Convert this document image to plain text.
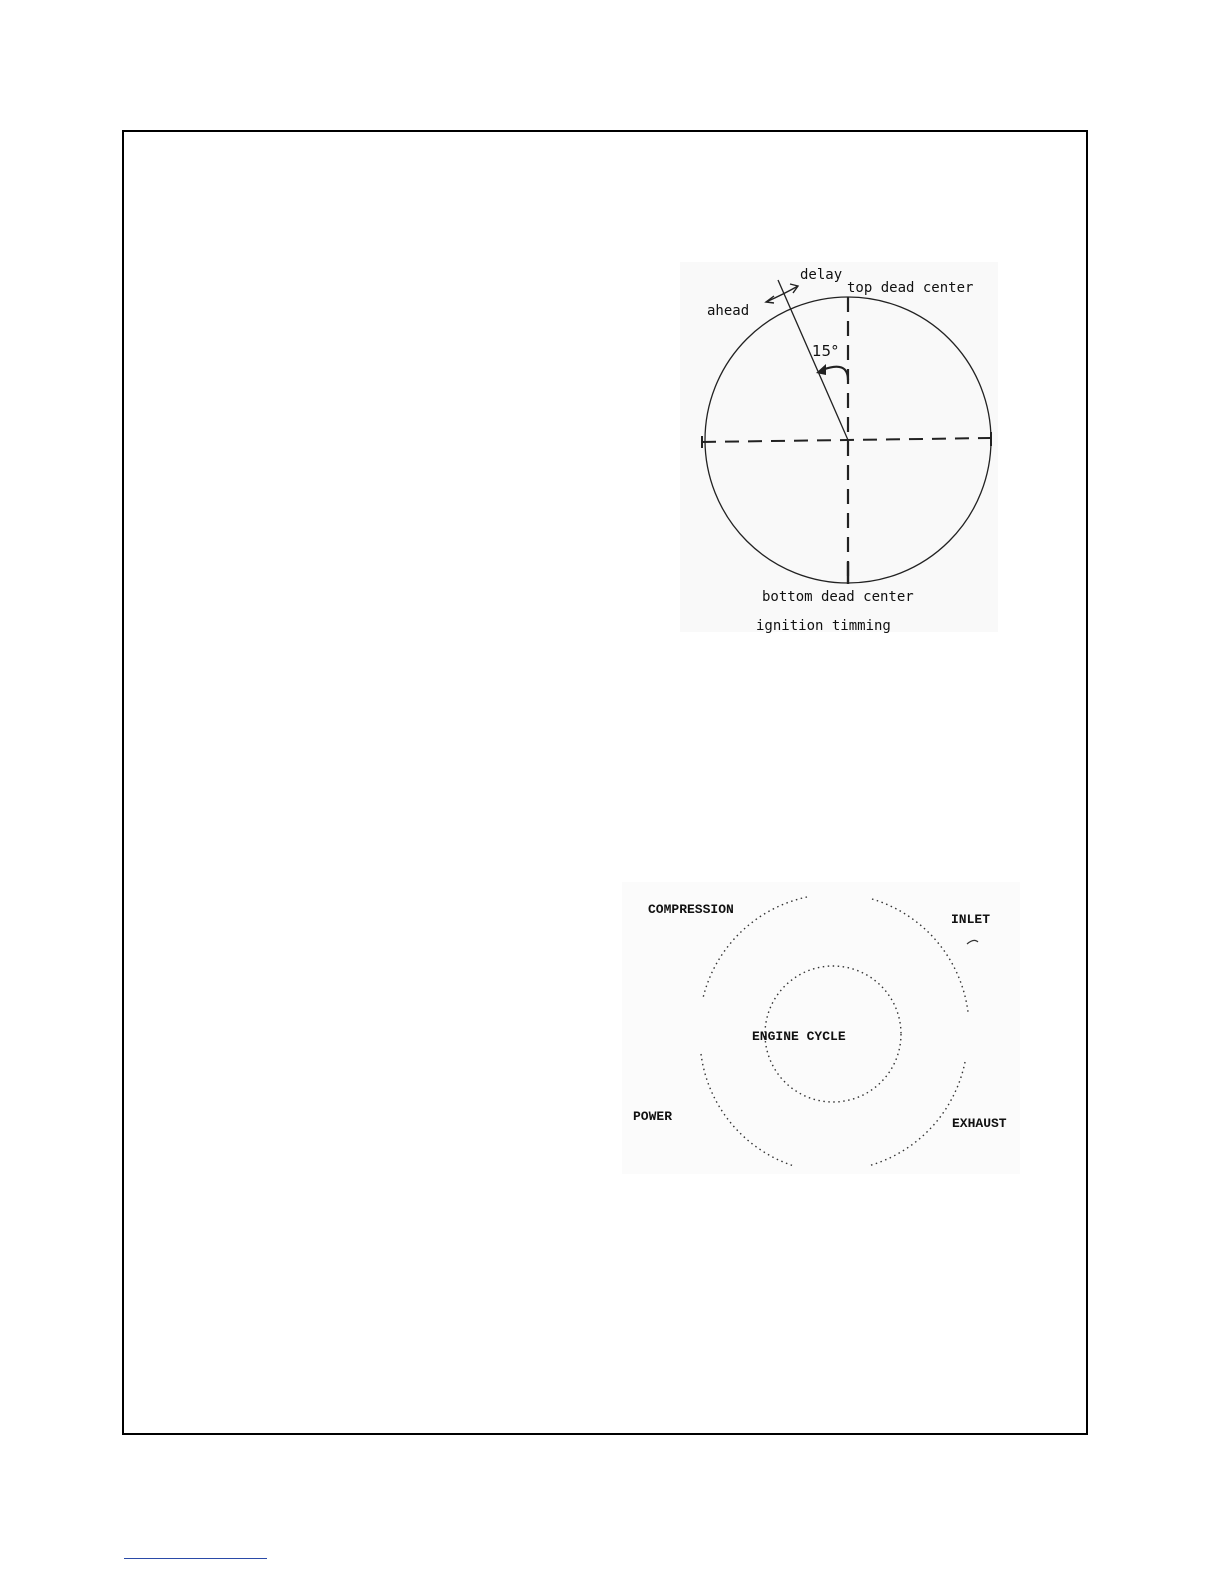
delay
ahead
top dead center
15°
bottom dead center
ignition timming
ENGINE CYCLE
COMPRESSION
INLET
POWER	EXHAUST
